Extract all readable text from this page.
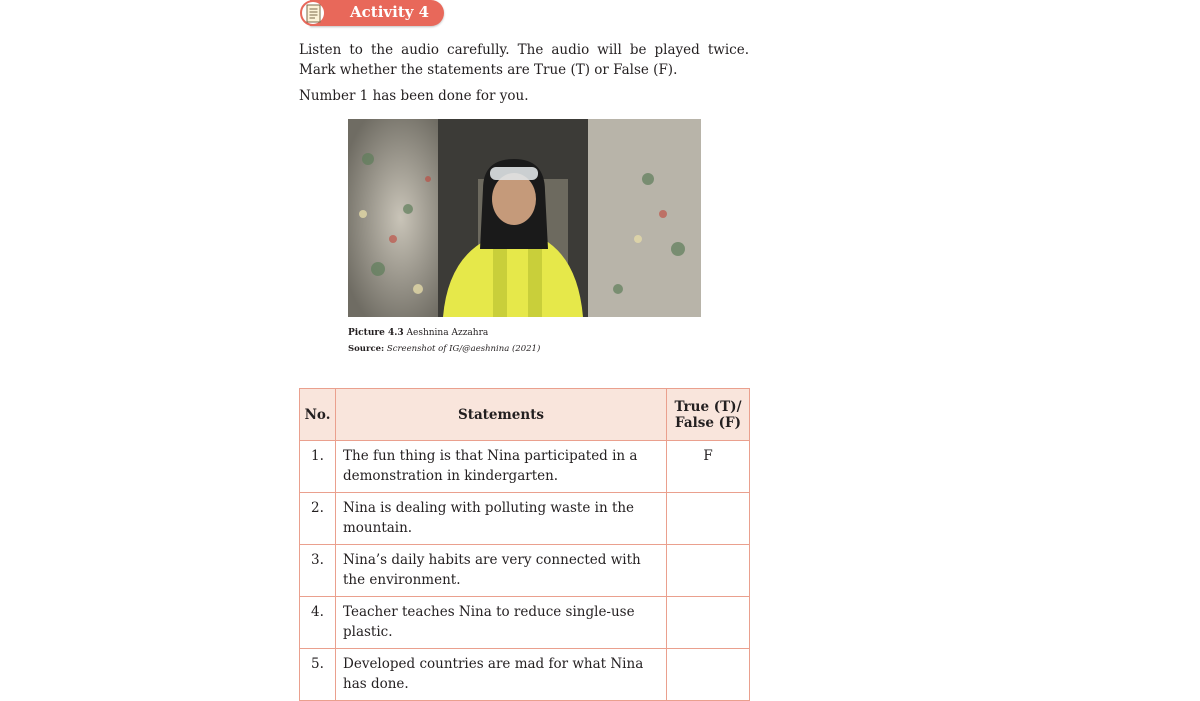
Activity 4

Listen to the audio carefully. The audio will be played twice. Mark whether the statements are True (T) or False (F).

Number 1 has been done for you.

Picture 4.3 Aeshnina Azzahra
Source: Screenshot of IG/@aeshnina (2021)
No.	Statements	True (T)/ False (F)
1.	The fun thing is that Nina participated in a demonstration in kindergarten.	F
2.	Nina is dealing with polluting waste in the mountain.	
3.	Nina’s daily habits are very connected with the environment.	
4.	Teacher teaches Nina to reduce single-use plastic.	
5.	Developed countries are mad for what Nina has done.	
